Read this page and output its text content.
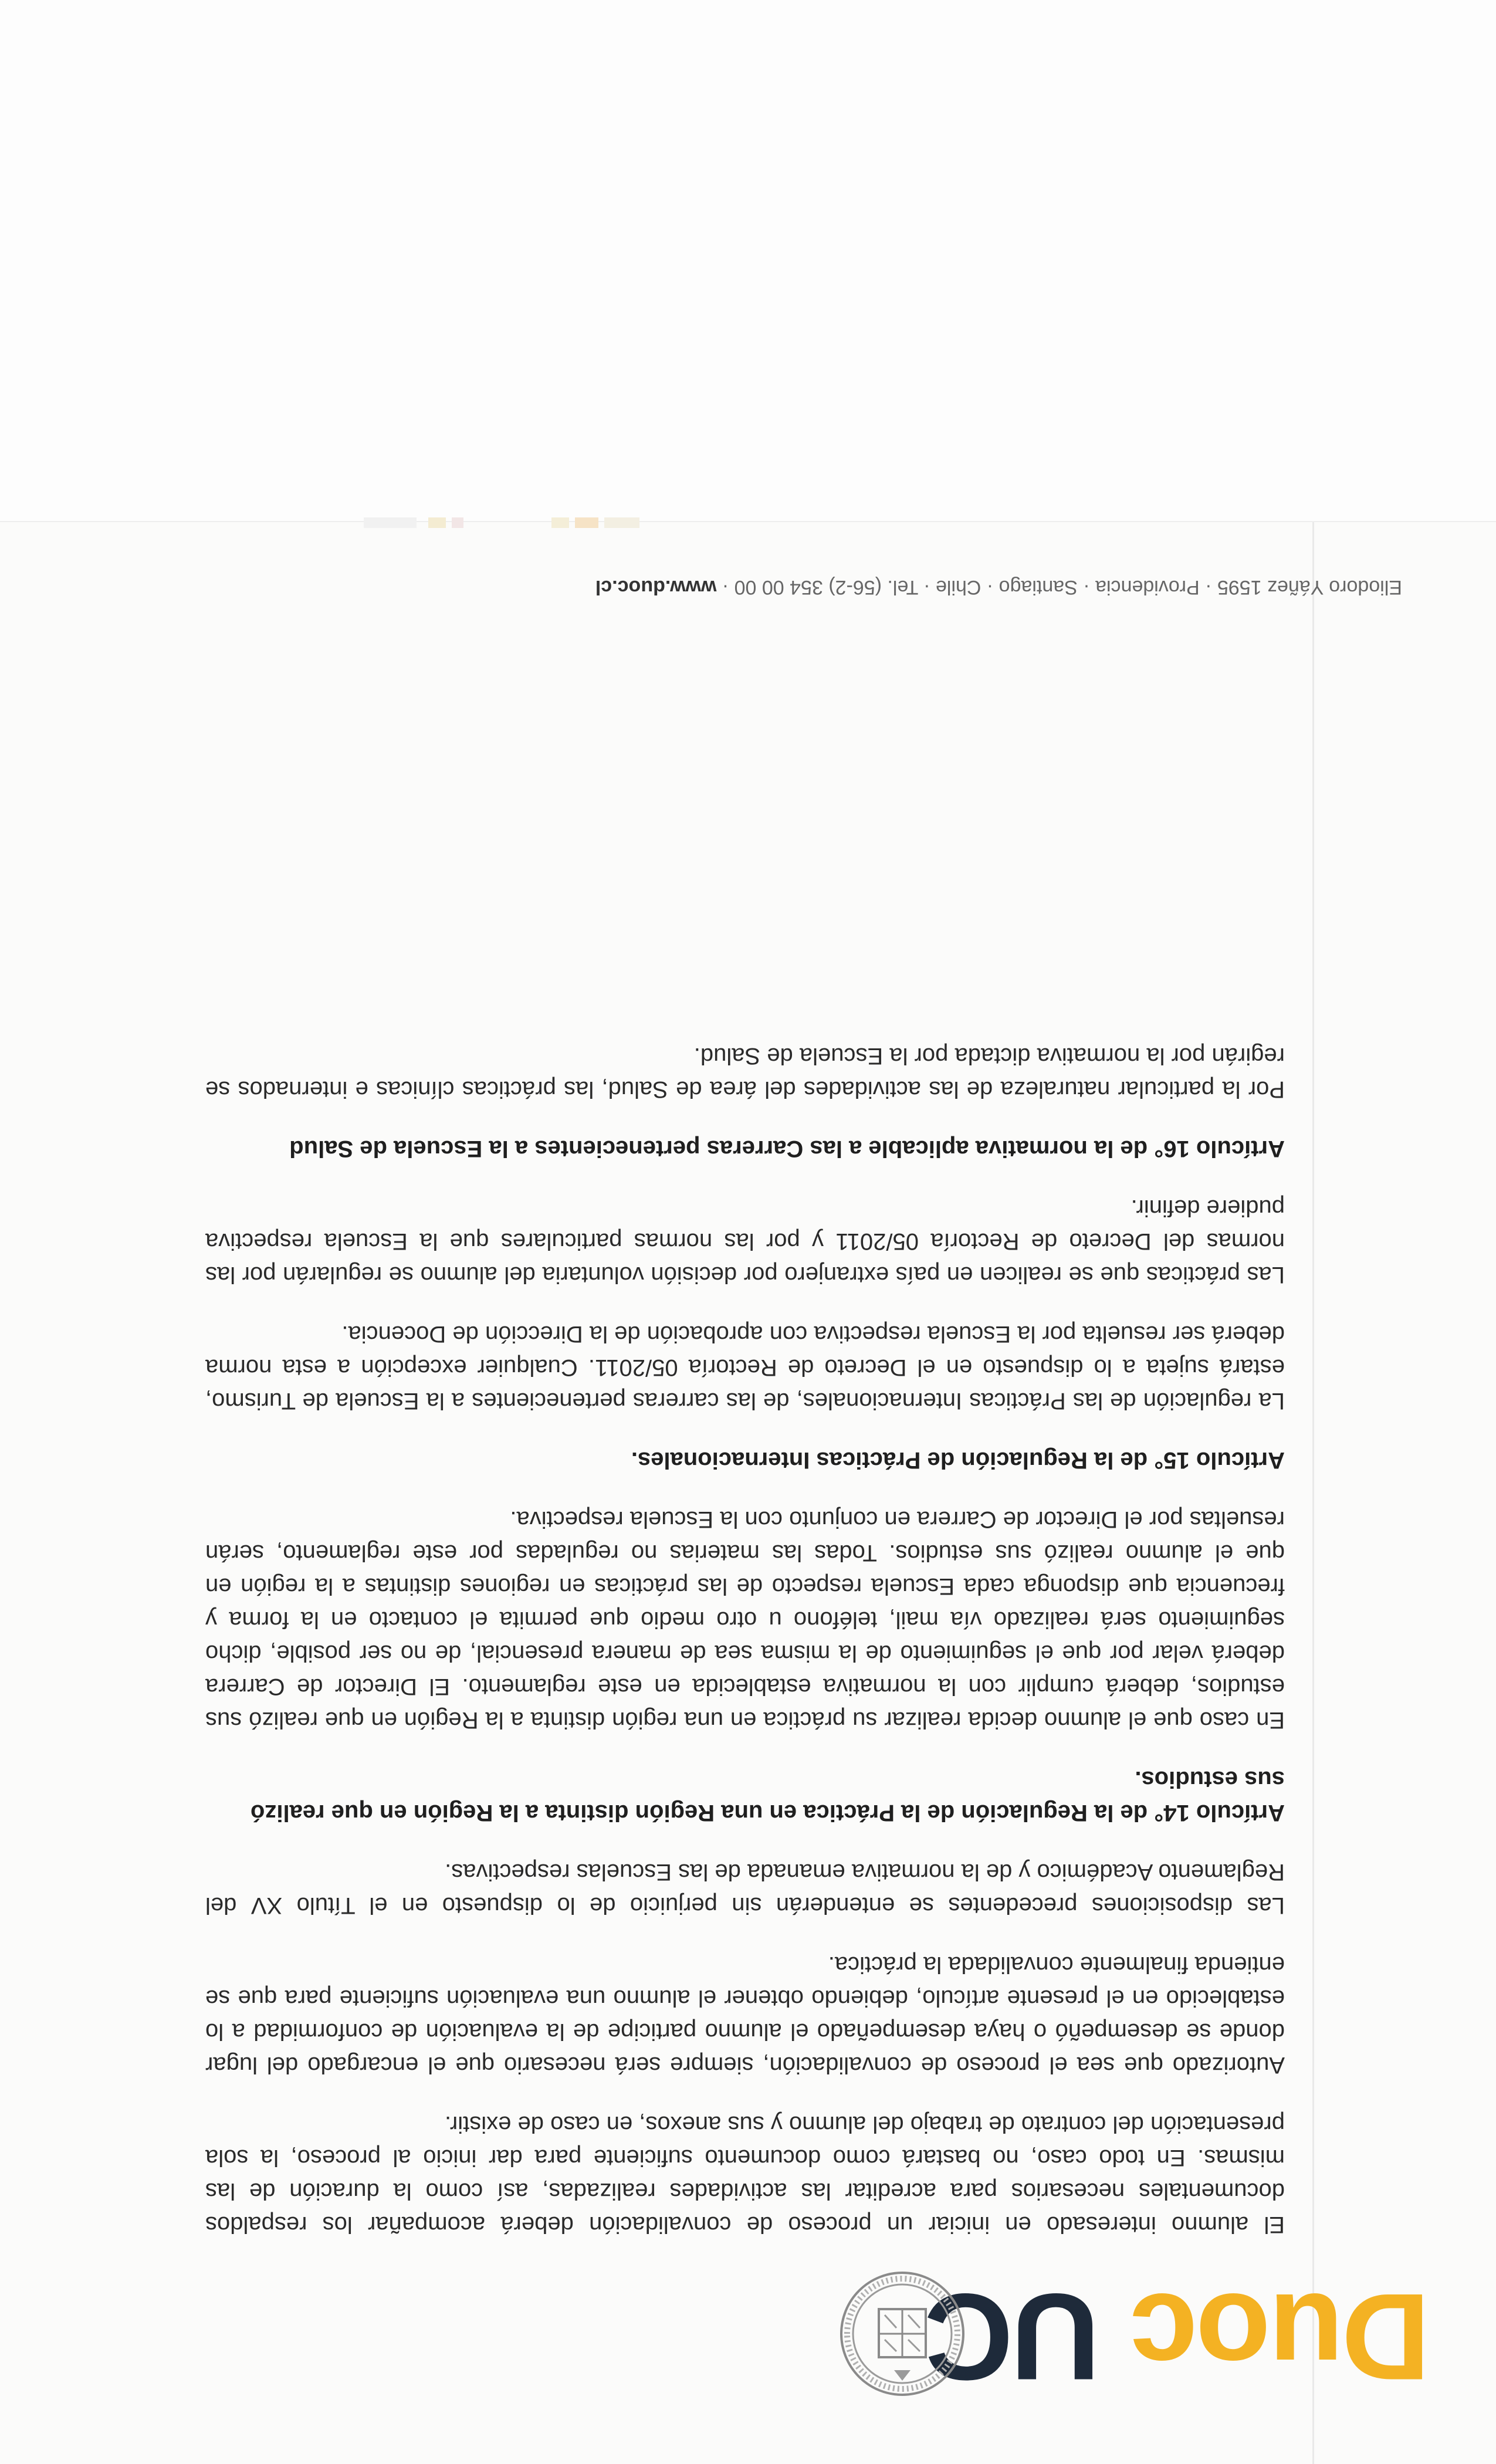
Duoc UC

El alumno interesado en iniciar un proceso de convalidación deberá acompañar los respaldos documentales necesarios para acreditar las actividades realizadas, así como la duración de las mismas. En todo caso, no bastará como documento suficiente para dar inicio al proceso, la sola presentación del contrato de trabajo del alumno y sus anexos, en caso de existir.

Autorizado que sea el proceso de convalidación, siempre será necesario que el encargado del lugar donde se desempeñó o haya desempeñado el alumno participe de la evaluación de conformidad a lo establecido en el presente artículo, debiendo obtener el alumno una evaluación suficiente para que se entienda finalmente convalidada la práctica.

Las disposiciones precedentes se entenderán sin perjuicio de lo dispuesto en el Título XV del Reglamento Académico y de la normativa emanada de las Escuelas respectivas.

Artículo 14° de la Regulación de la Práctica en una Región distinta a la Región en que realizó sus estudios.

En caso que el alumno decida realizar su práctica en una región distinta a la Región en que realizó sus estudios, deberá cumplir con la normativa establecida en este reglamento. El Director de Carrera deberá velar por que el seguimiento de la misma sea de manera presencial, de no ser posible, dicho seguimiento será realizado vía mail, teléfono u otro medio que permita el contacto en la forma y frecuencia que disponga cada Escuela respecto de las prácticas en regiones distintas a la región en que el alumno realizó sus estudios. Todas las materias no reguladas por este reglamento, serán resueltas por el Director de Carrera en conjunto con la Escuela respectiva.

Artículo 15° de la Regulación de Prácticas Internacionales.

La regulación de las Prácticas Internacionales, de las carreras pertenecientes a la Escuela de Turismo, estará sujeta a lo dispuesto en el Decreto de Rectoría 05/2011. Cualquier excepción a esta norma deberá ser resuelta por la Escuela respectiva con aprobación de la Dirección de Docencia.

Las prácticas que se realicen en país extranjero por decisión voluntaria del alumno se regularán por las normas del Decreto de Rectoría 05/2011 y por las normas particulares que la Escuela respectiva pudiere definir.

Artículo 16° de la normativa aplicable a las Carreras pertenecientes a la Escuela de Salud

Por la particular naturaleza de las actividades del área de Salud, las prácticas clínicas e internados se regirán por la normativa dictada por la Escuela de Salud.

Eliodoro Yáñez 1595 · Providencia · Santiago · Chile · Tel. (56-2) 354 00 00 · www.duoc.cl
